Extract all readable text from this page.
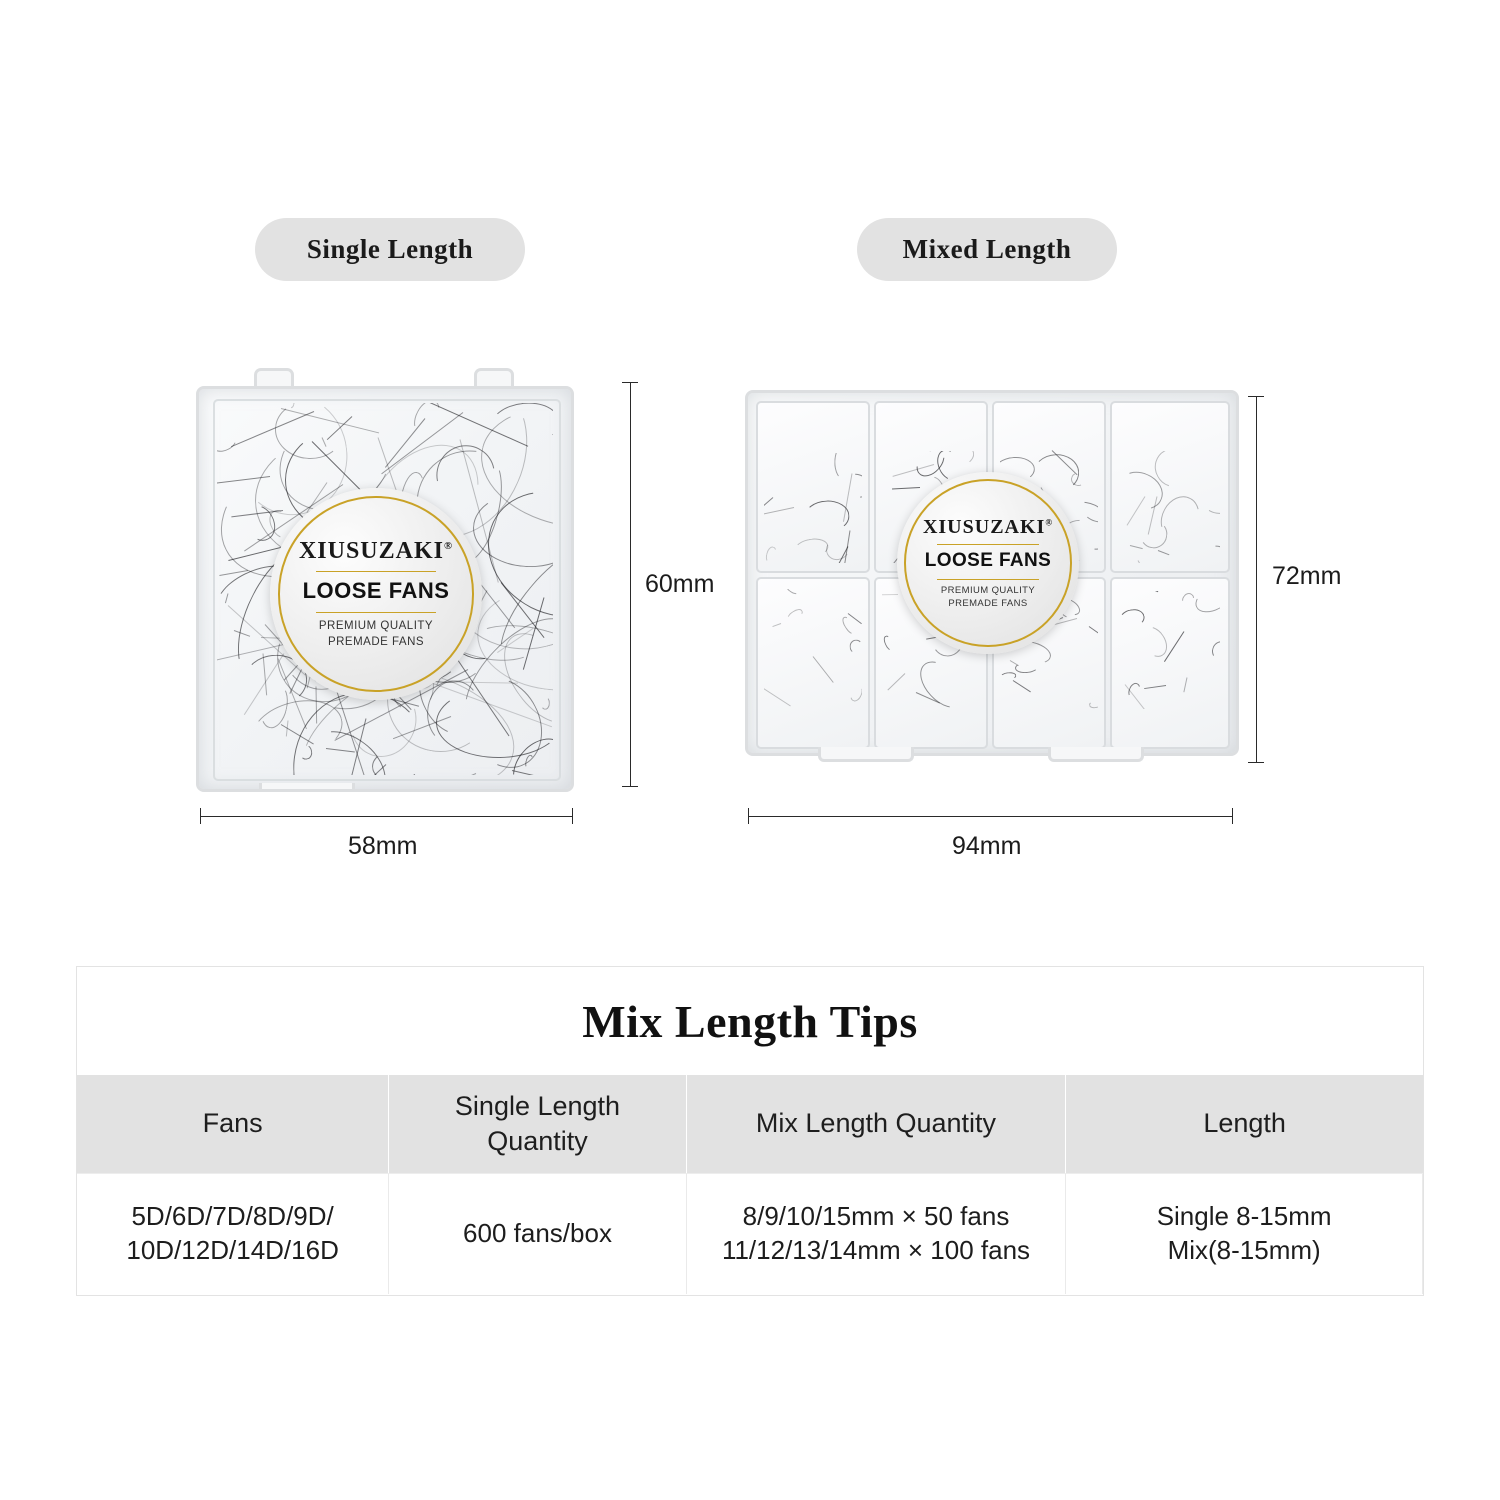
Single Length	Mixed Length
XIUSUZAKI®
LOOSE FANS
PREMIUM QUALITY
PREMADE FANS
60mm
58mm
XIUSUZAKI®
LOOSE FANS
PREMIUM QUALITY
PREMADE FANS
72mm
94mm
Mix Length Tips
Fans
Single Length
Quantity
Mix Length Quantity	Length
5D/6D/7D/8D/9D/
10D/12D/14D/16D
600 fans/box
8/9/10/15mm × 50 fans
11/12/13/14mm × 100 fans
Single 8-15mm
Mix(8-15mm)
